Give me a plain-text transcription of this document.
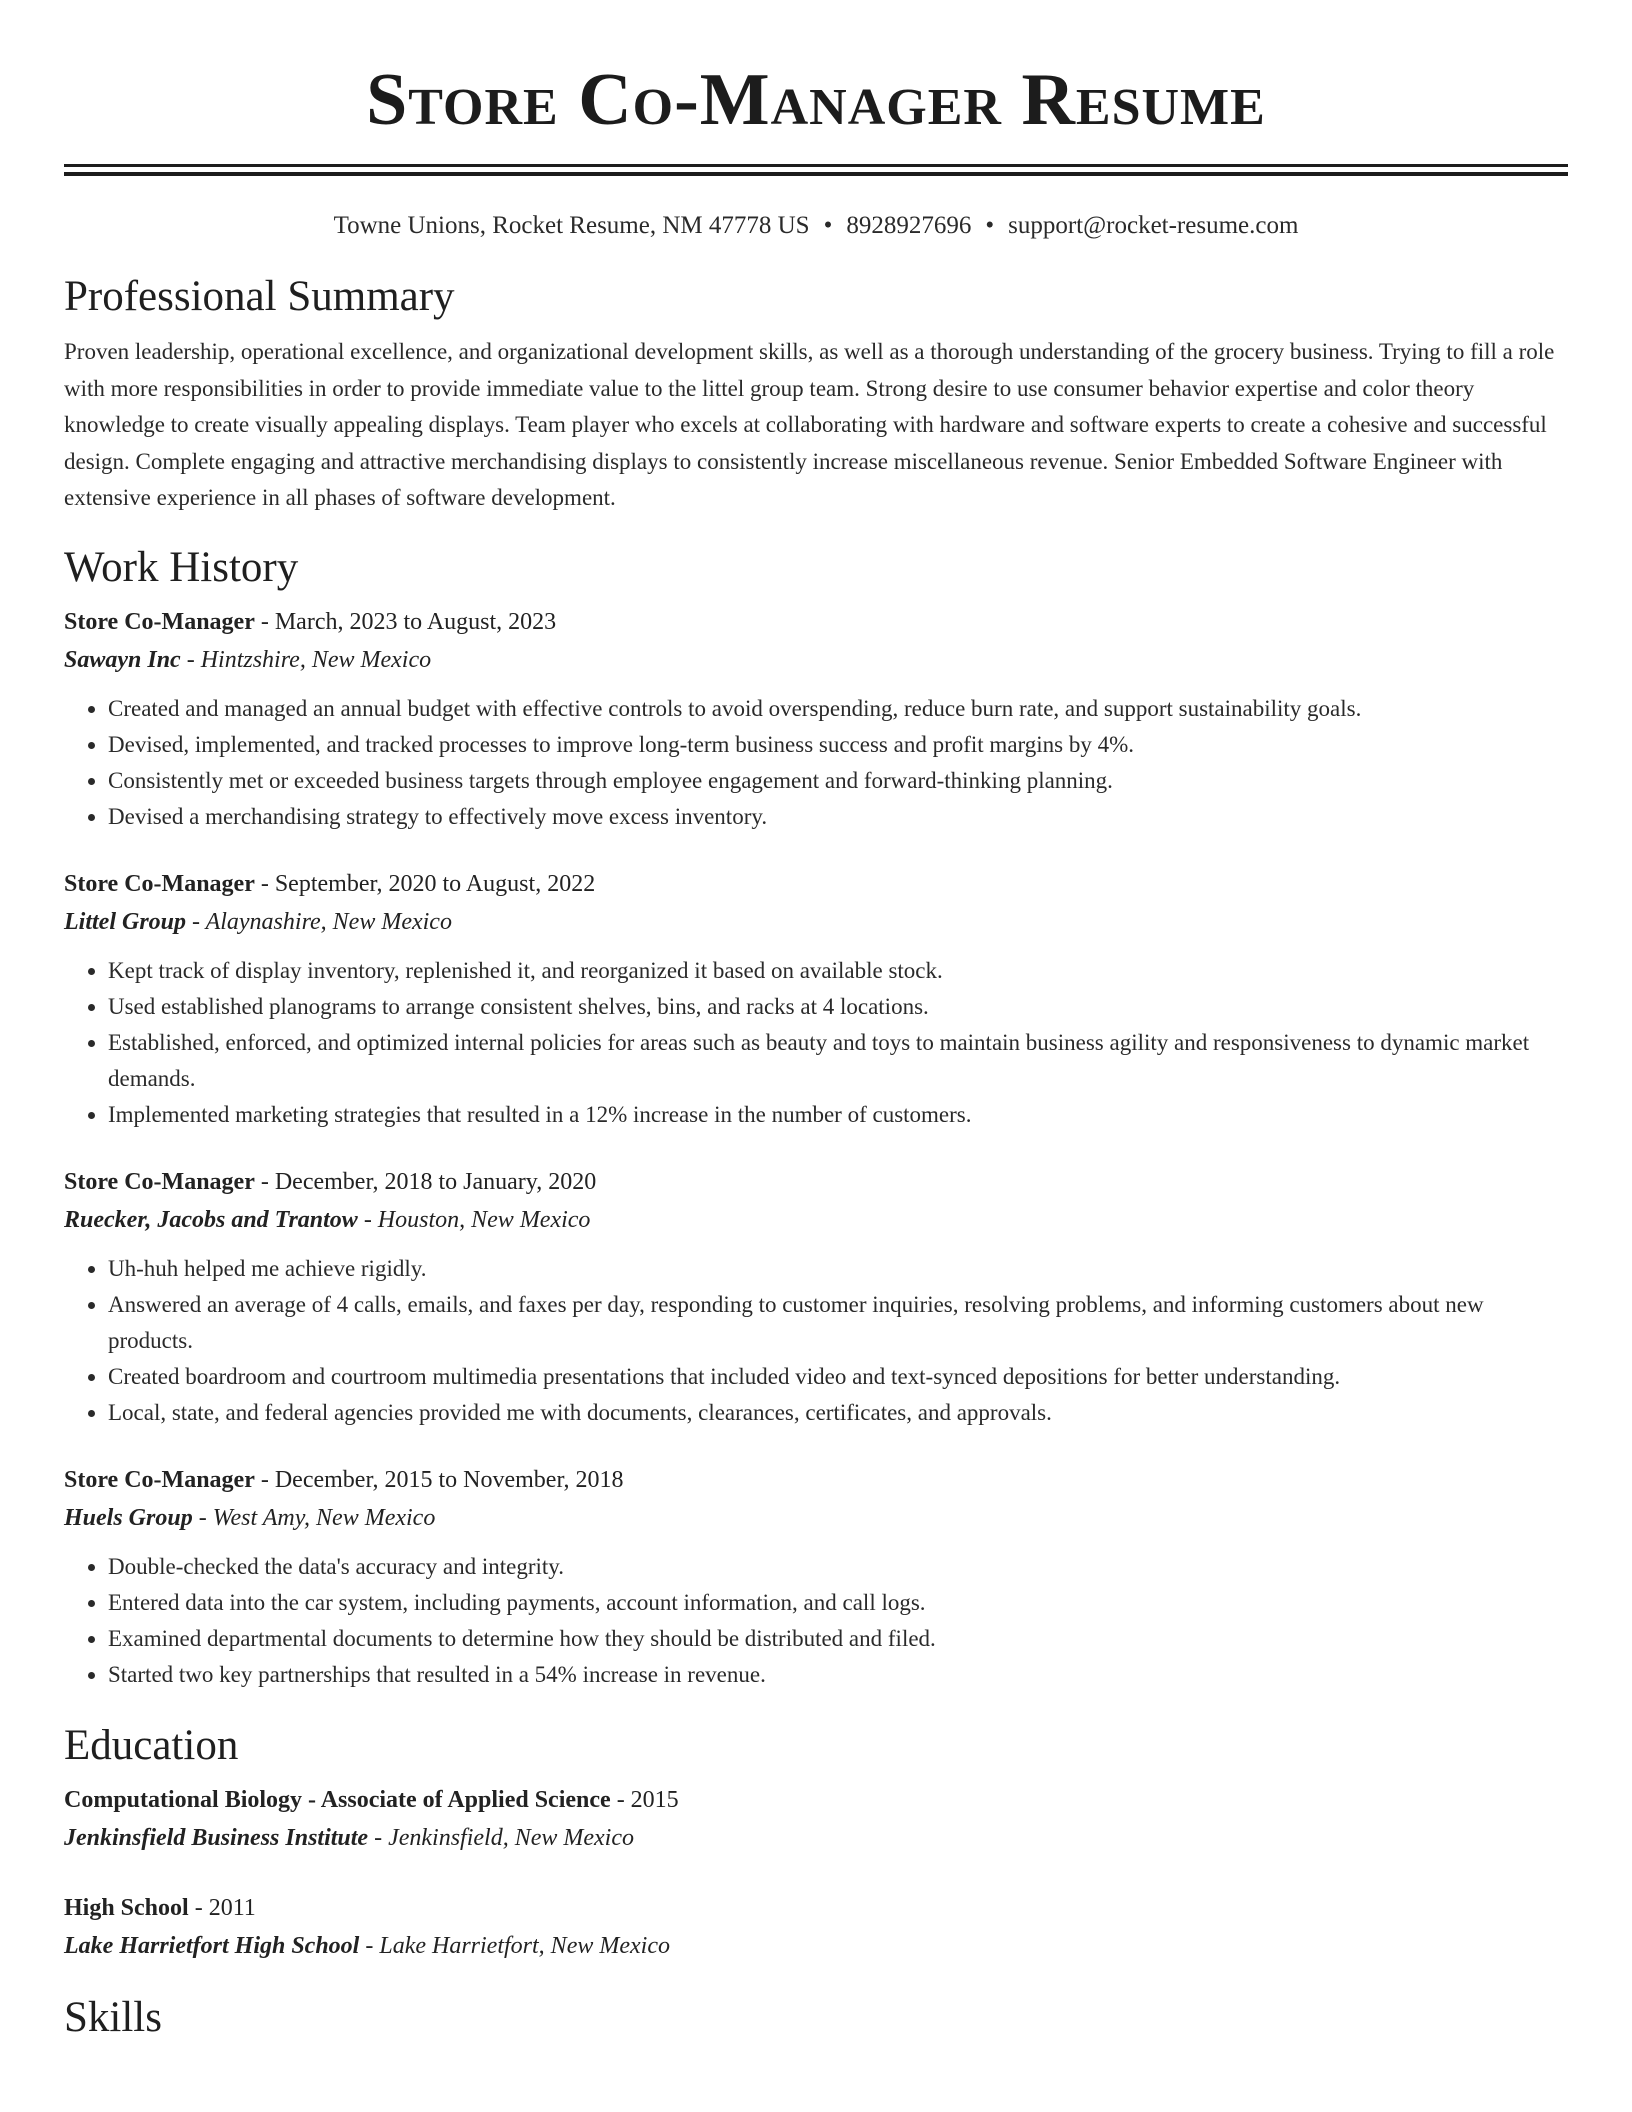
Store Co-Manager Resume
Towne Unions, Rocket Resume, NM 47778 US • 8928927696 • support@rocket-resume.com
Professional Summary
Proven leadership, operational excellence, and organizational development skills, as well as a thorough understanding of the grocery business. Trying to fill a role with more responsibilities in order to provide immediate value to the littel group team. Strong desire to use consumer behavior expertise and color theory knowledge to create visually appealing displays. Team player who excels at collaborating with hardware and software experts to create a cohesive and successful design. Complete engaging and attractive merchandising displays to consistently increase miscellaneous revenue. Senior Embedded Software Engineer with extensive experience in all phases of software development.
Work History
Store Co-Manager - March, 2023 to August, 2023
Sawayn Inc - Hintzshire, New Mexico
• Created and managed an annual budget with effective controls to avoid overspending, reduce burn rate, and support sustainability goals.
• Devised, implemented, and tracked processes to improve long-term business success and profit margins by 4%.
• Consistently met or exceeded business targets through employee engagement and forward-thinking planning.
• Devised a merchandising strategy to effectively move excess inventory.
Store Co-Manager - September, 2020 to August, 2022
Littel Group - Alaynashire, New Mexico
• Kept track of display inventory, replenished it, and reorganized it based on available stock.
• Used established planograms to arrange consistent shelves, bins, and racks at 4 locations.
• Established, enforced, and optimized internal policies for areas such as beauty and toys to maintain business agility and responsiveness to dynamic market demands.
• Implemented marketing strategies that resulted in a 12% increase in the number of customers.
Store Co-Manager - December, 2018 to January, 2020
Ruecker, Jacobs and Trantow - Houston, New Mexico
• Uh-huh helped me achieve rigidly.
• Answered an average of 4 calls, emails, and faxes per day, responding to customer inquiries, resolving problems, and informing customers about new products.
• Created boardroom and courtroom multimedia presentations that included video and text-synced depositions for better understanding.
• Local, state, and federal agencies provided me with documents, clearances, certificates, and approvals.
Store Co-Manager - December, 2015 to November, 2018
Huels Group - West Amy, New Mexico
• Double-checked the data's accuracy and integrity.
• Entered data into the car system, including payments, account information, and call logs.
• Examined departmental documents to determine how they should be distributed and filed.
• Started two key partnerships that resulted in a 54% increase in revenue.
Education
Computational Biology - Associate of Applied Science - 2015
Jenkinsfield Business Institute - Jenkinsfield, New Mexico
High School - 2011
Lake Harrietfort High School - Lake Harrietfort, New Mexico
Skills
